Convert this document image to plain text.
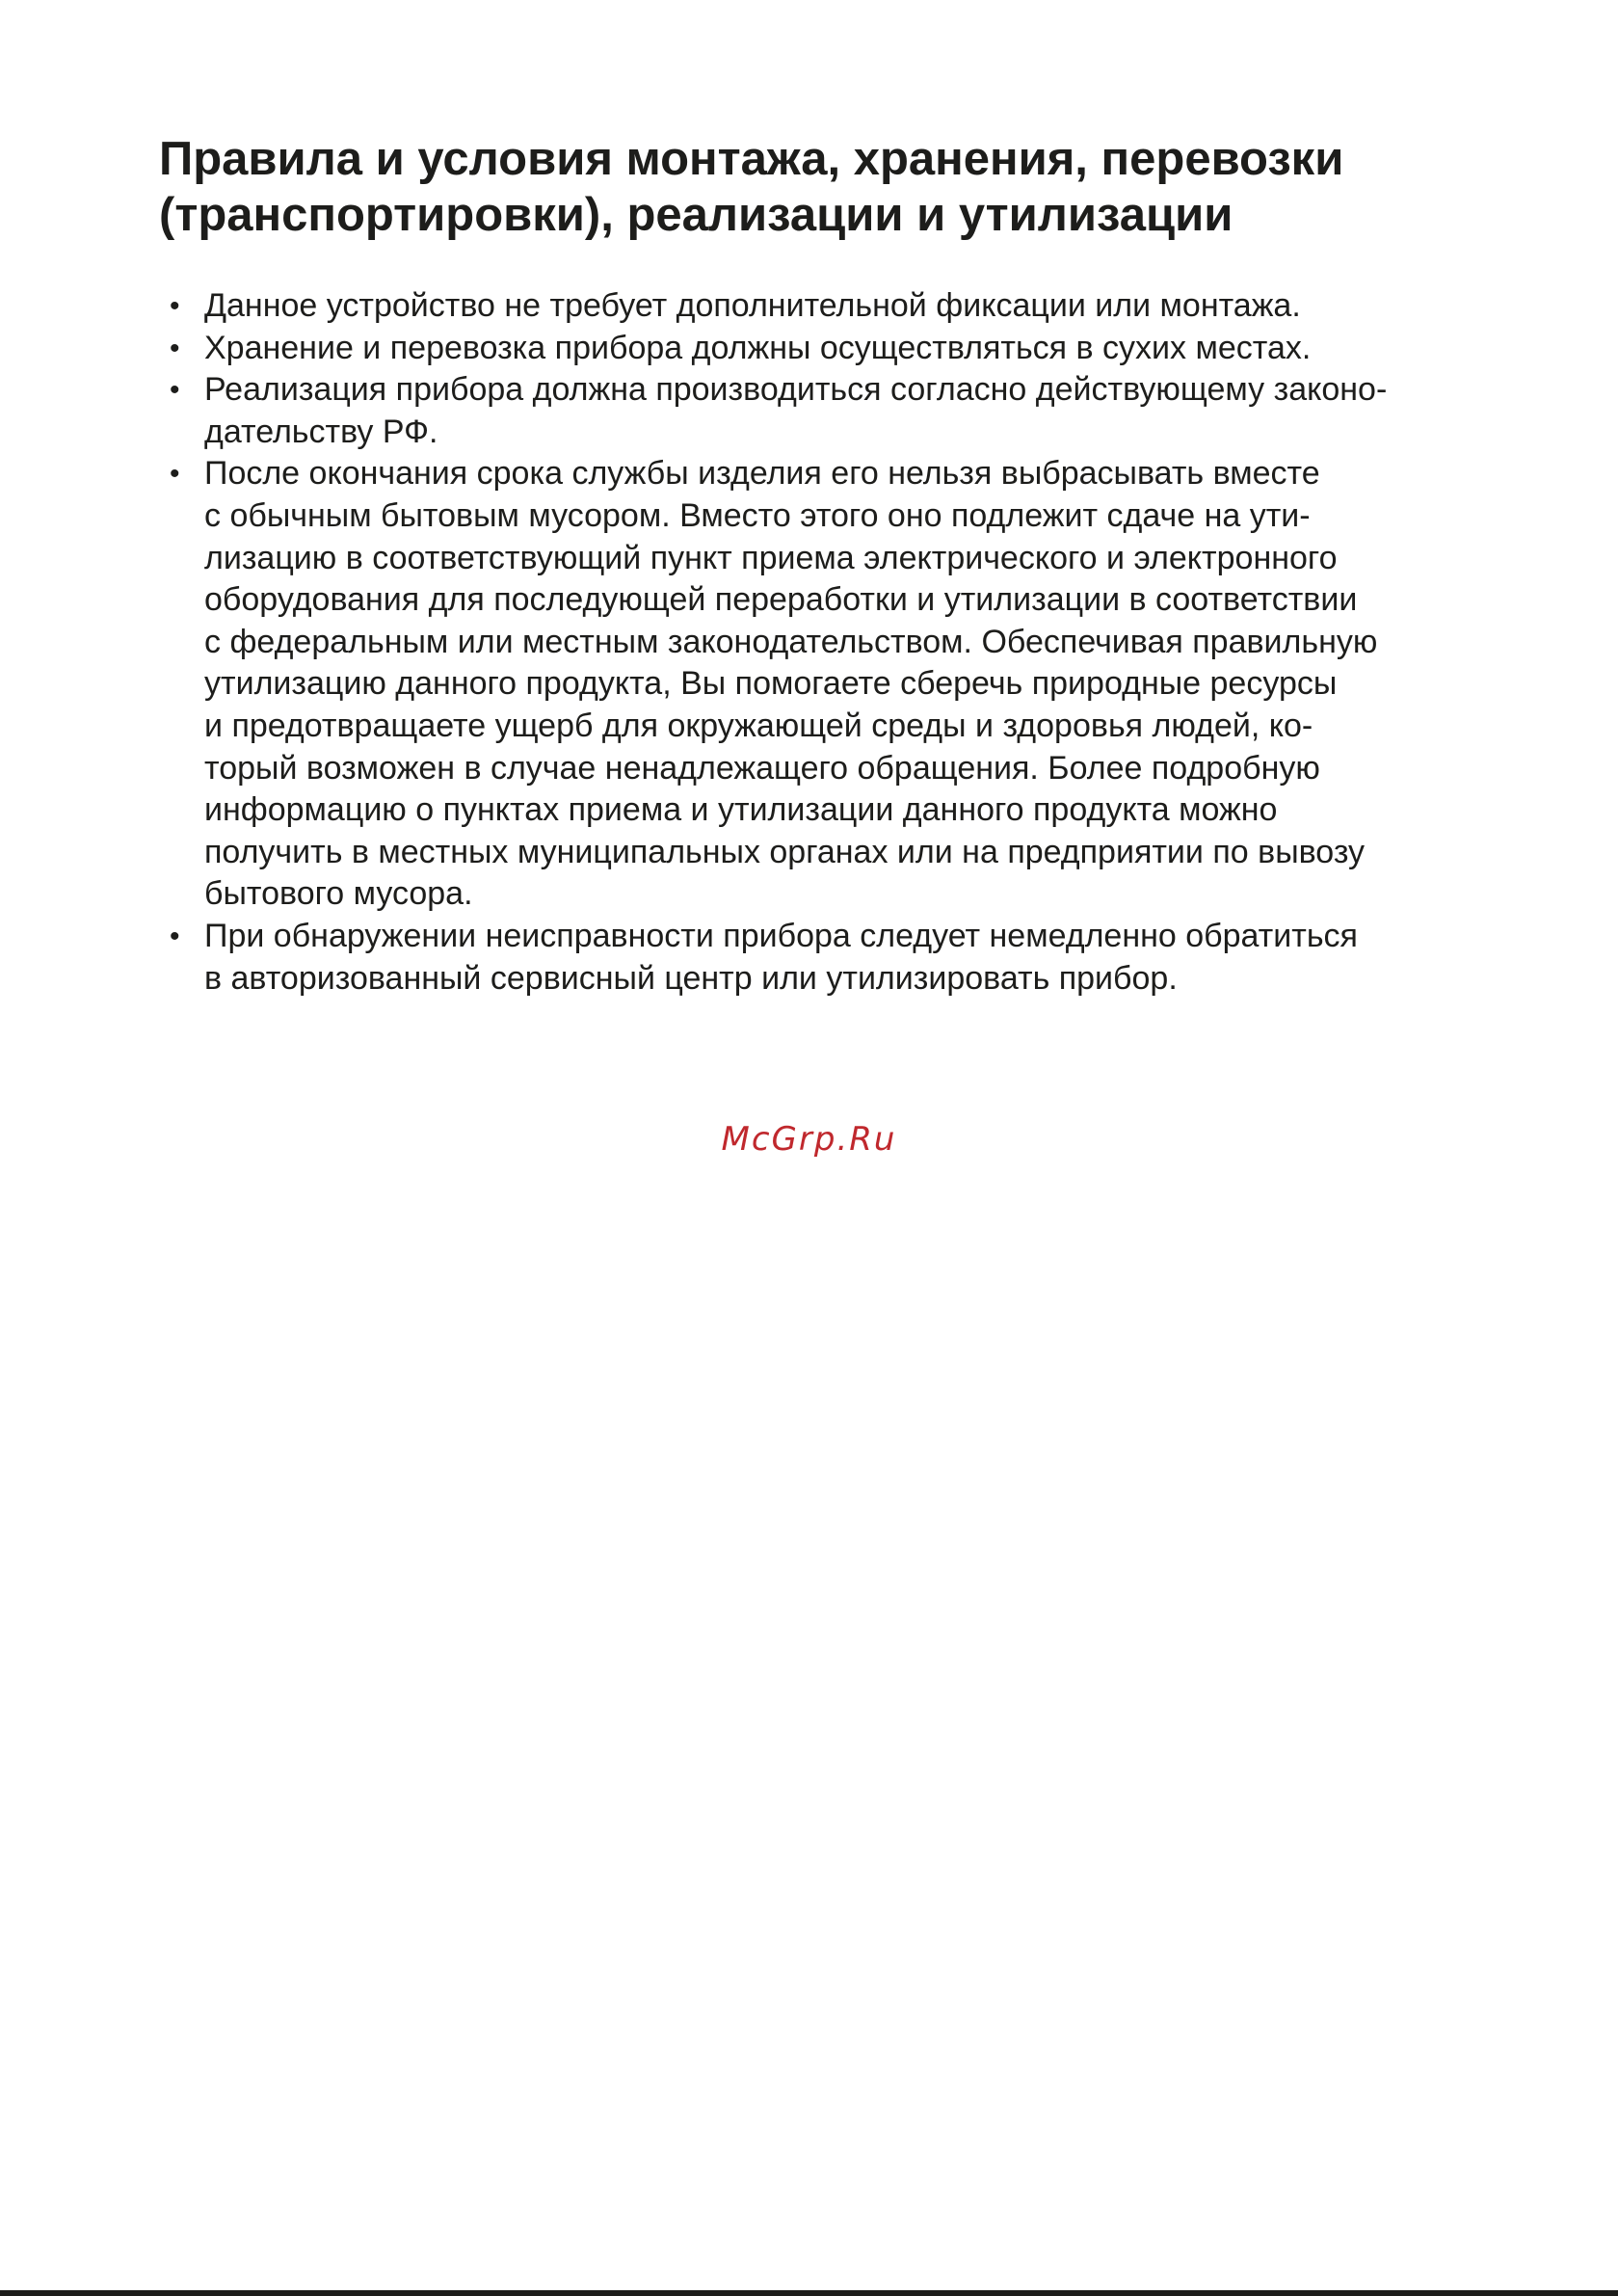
Правила и условия монтажа, хранения, перевозки
(транспортировки), реализации и утилизации
• Данное устройство не требует дополнительной фиксации или монтажа.
• Хранение и перевозка прибора должны осуществляться в сухих местах.
• Реализация прибора должна производиться согласно действующему законо-
дательству РФ.
• После окончания срока службы изделия его нельзя выбрасывать вместе
с обычным бытовым мусором. Вместо этого оно подлежит сдаче на ути-
лизацию в соответствующий пункт приема электрического и электронного
оборудования для последующей переработки и утилизации в соответствии
с федеральным или местным законодательством. Обеспечивая правильную
утилизацию данного продукта, Вы помогаете сберечь природные ресурсы
и предотвращаете ущерб для окружающей среды и здоровья людей, ко-
торый возможен в случае ненадлежащего обращения. Более подробную
информацию о пунктах приема и утилизации данного продукта можно
получить в местных муниципальных органах или на предприятии по вывозу
бытового мусора.
• При обнаружении неисправности прибора следует немедленно обратиться
в авторизованный сервисный центр или утилизировать прибор.
McGrp.Ru
